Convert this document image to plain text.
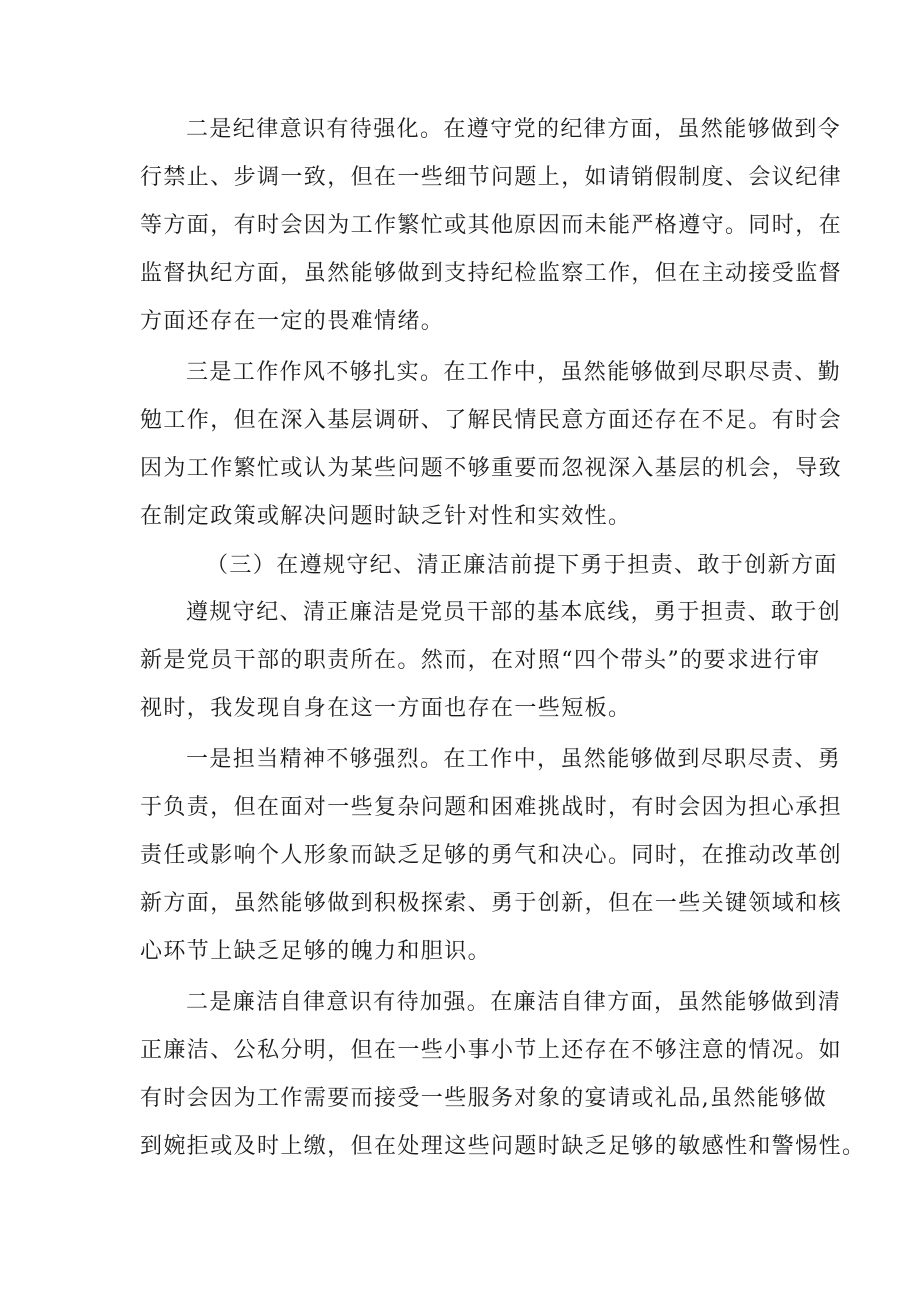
二是纪律意识有待强化。在遵守党的纪律方面，虽然能够做到令
行禁止、步调一致，但在一些细节问题上，如请销假制度、会议纪律
等方面，有时会因为工作繁忙或其他原因而未能严格遵守。同时，在
监督执纪方面，虽然能够做到支持纪检监察工作，但在主动接受监督
方面还存在一定的畏难情绪。
三是工作作风不够扎实。在工作中，虽然能够做到尽职尽责、勤
勉工作，但在深入基层调研、了解民情民意方面还存在不足。有时会
因为工作繁忙或认为某些问题不够重要而忽视深入基层的机会，导致
在制定政策或解决问题时缺乏针对性和实效性。
（三）在遵规守纪、清正廉洁前提下勇于担责、敢于创新方面
遵规守纪、清正廉洁是党员干部的基本底线，勇于担责、敢于创
新是党员干部的职责所在。然而，在对照“四个带头”的要求进行审
视时，我发现自身在这一方面也存在一些短板。
一是担当精神不够强烈。在工作中，虽然能够做到尽职尽责、勇
于负责，但在面对一些复杂问题和困难挑战时，有时会因为担心承担
责任或影响个人形象而缺乏足够的勇气和决心。同时，在推动改革创
新方面，虽然能够做到积极探索、勇于创新，但在一些关键领域和核
心环节上缺乏足够的魄力和胆识。
二是廉洁自律意识有待加强。在廉洁自律方面，虽然能够做到清
正廉洁、公私分明，但在一些小事小节上还存在不够注意的情况。如
有时会因为工作需要而接受一些服务对象的宴请或礼品,虽然能够做
到婉拒或及时上缴，但在处理这些问题时缺乏足够的敏感性和警惕性。
